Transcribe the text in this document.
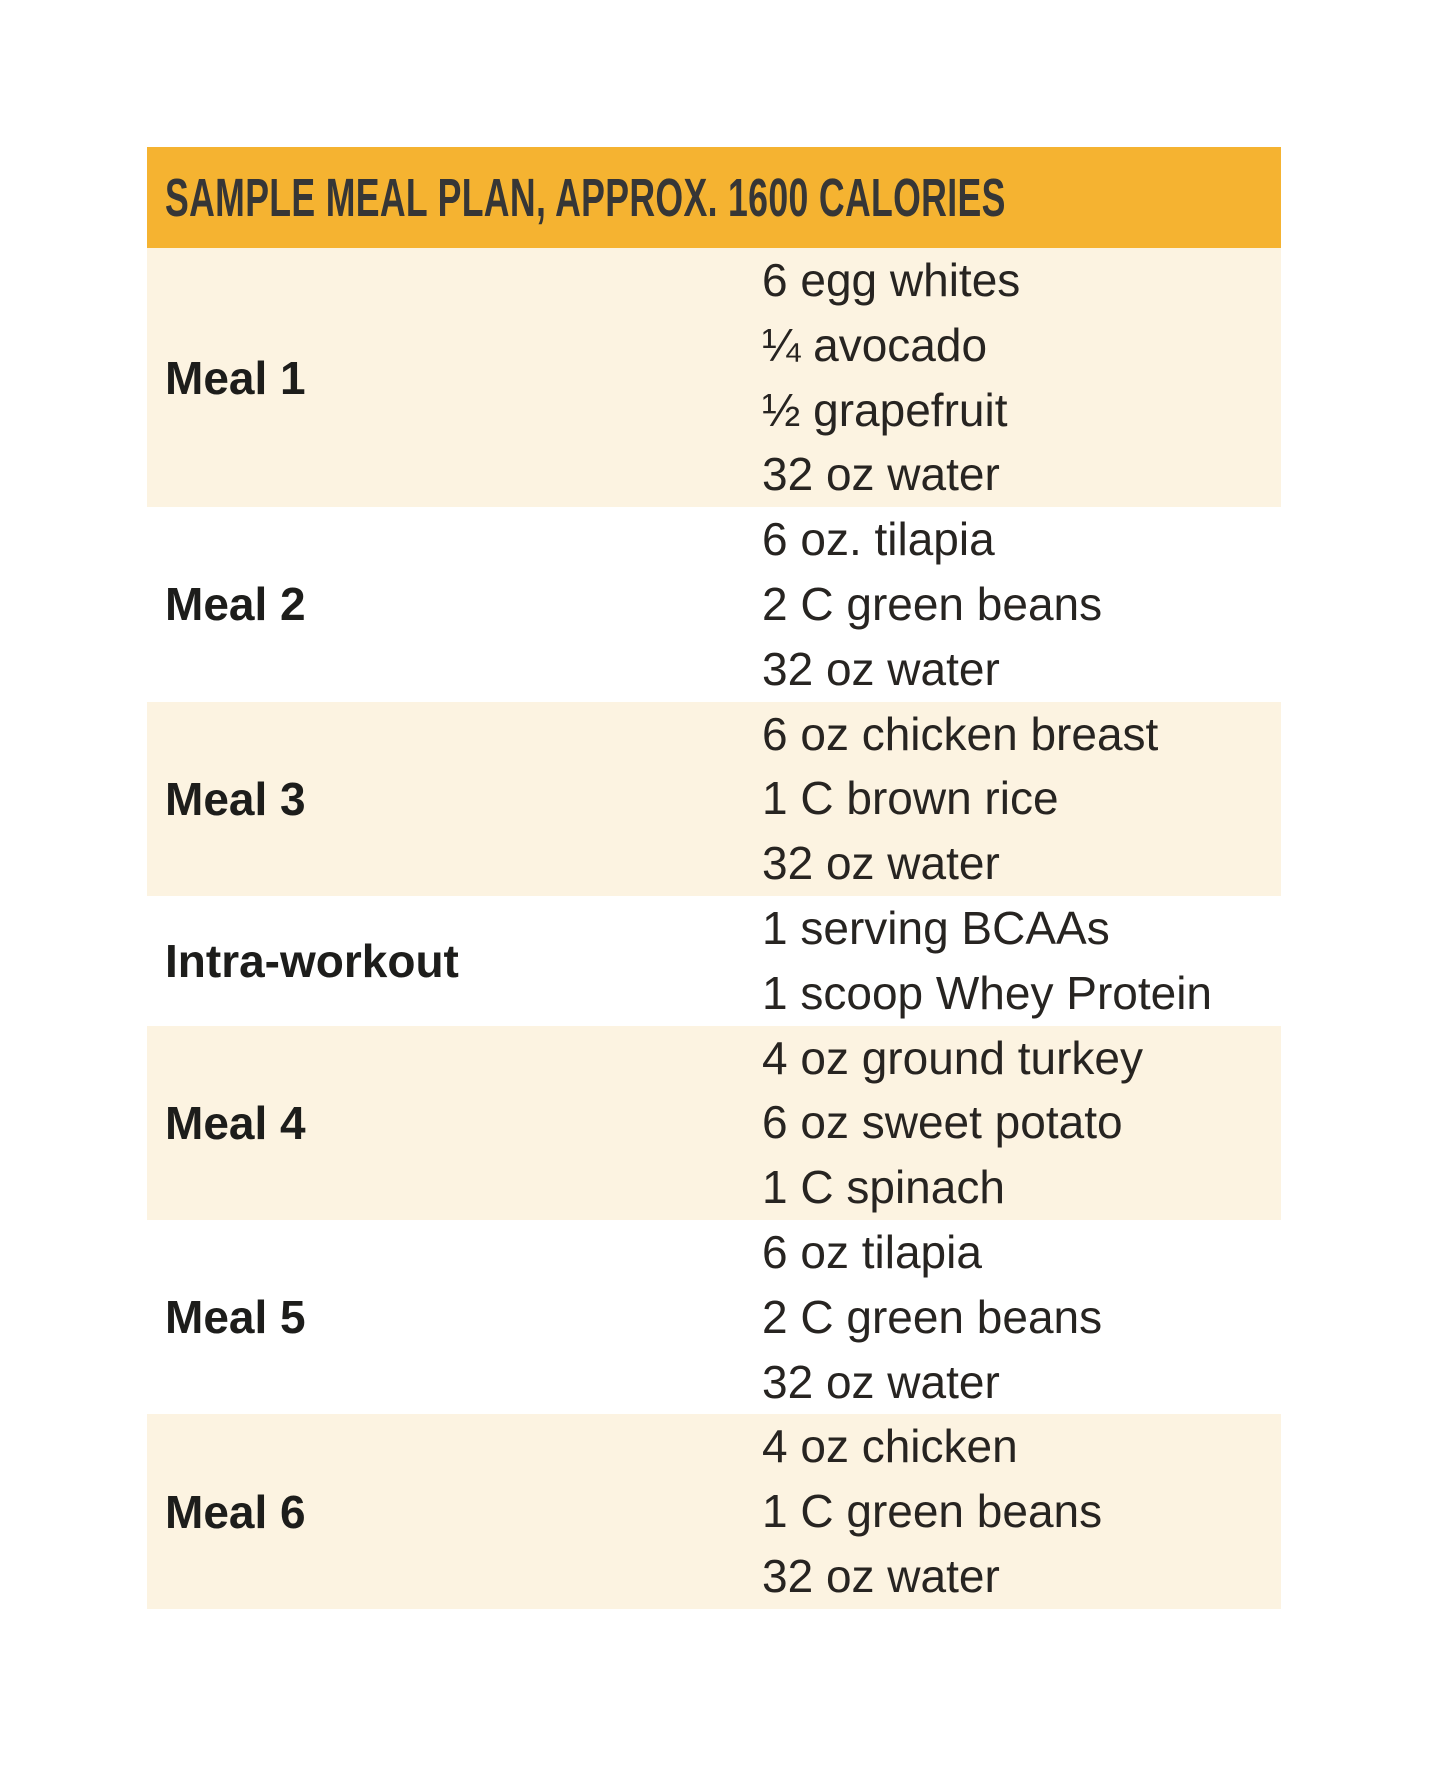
SAMPLE MEAL PLAN, APPROX. 1600 CALORIES
Meal 1
6 egg whites
¼ avocado
½ grapefruit
32 oz water
Meal 2
6 oz. tilapia
2 C green beans
32 oz water
Meal 3
6 oz chicken breast
1 C brown rice
32 oz water
Intra-workout
1 serving BCAAs
1 scoop Whey Protein
Meal 4
4 oz ground turkey
6 oz sweet potato
1 C spinach
Meal 5
6 oz tilapia
2 C green beans
32 oz water
Meal 6
4 oz chicken
1 C green beans
32 oz water
